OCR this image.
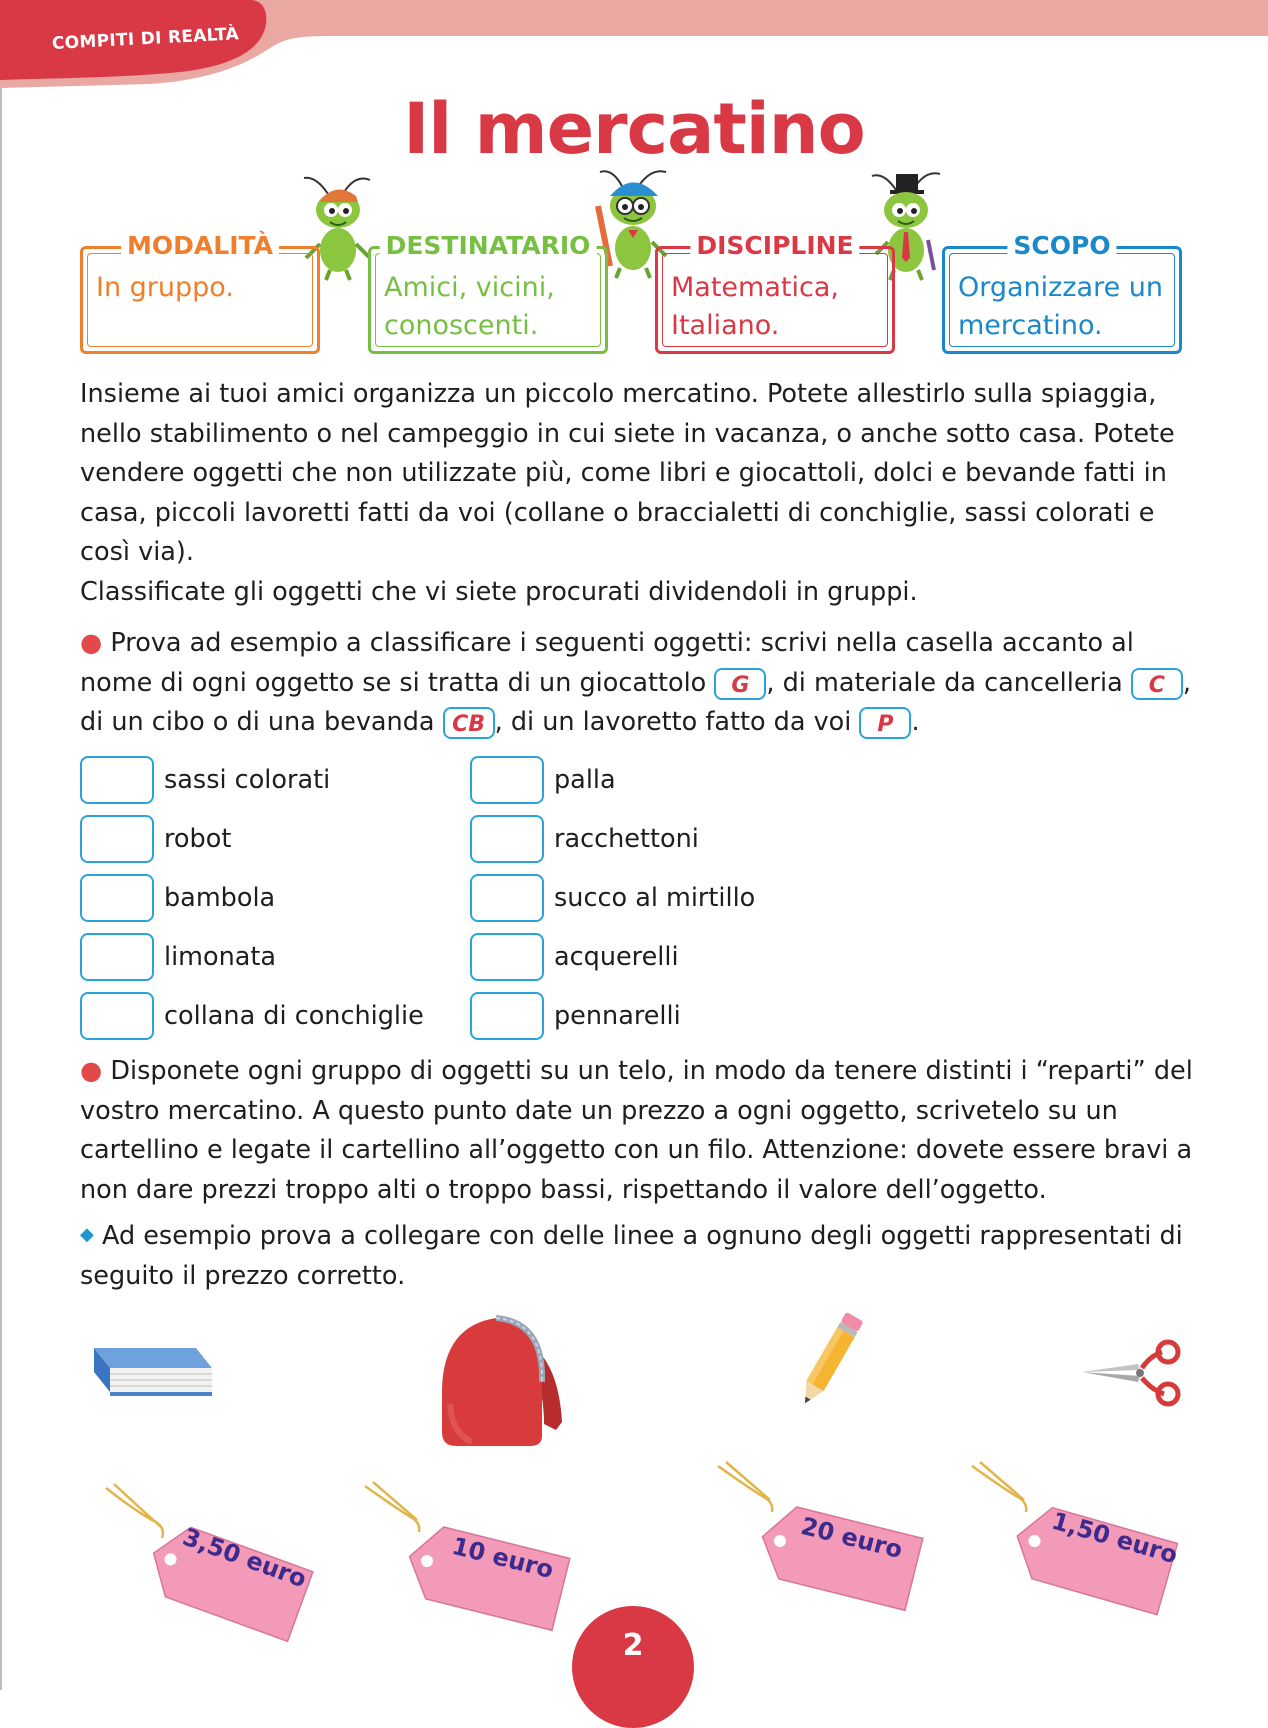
COMPITI DI REALTÀ
Il mercatino
MODALITÀ
In gruppo.
DESTINATARIO
Amici, vicini, conoscenti.
DISCIPLINE
Matematica, Italiano.
SCOPO
Organizzare un mercatino.

Insieme ai tuoi amici organizza un piccolo mercatino. Potete allestirlo sulla spiaggia, nello stabilimento o nel campeggio in cui siete in vacanza, o anche sotto casa. Potete vendere oggetti che non utilizzate più, come libri e giocattoli, dolci e bevande fatti in casa, piccoli lavoretti fatti da voi (collane o braccialetti di conchiglie, sassi colorati e così via).

Classificate gli oggetti che vi siete procurati dividendoli in gruppi.

● Prova ad esempio a classificare i seguenti oggetti: scrivi nella casella accanto al nome di ogni oggetto se si tratta di un giocattolo G , di materiale da cancelleria C , di un cibo o di una bevanda CB , di un lavoretto fatto da voi P .
sassi colorati
robot
bambola
limonata
collana di conchiglie
palla
racchettoni
succo al mirtillo
acquerelli
pennarelli
● Disponete ogni gruppo di oggetti su un telo, in modo da tenere distinti i “reparti” del vostro mercatino. A questo punto date un prezzo a ogni oggetto, scrivetelo su un cartellino e legate il cartellino all’oggetto con un filo. Attenzione: dovete essere bravi a non dare prezzi troppo alti o troppo bassi, rispettando il valore dell’oggetto.
◆ Ad esempio prova a collegare con delle linee a ognuno degli oggetti rappresentati di seguito il prezzo corretto.
3,50 euro	10 euro	20 euro	1,50 euro
2
